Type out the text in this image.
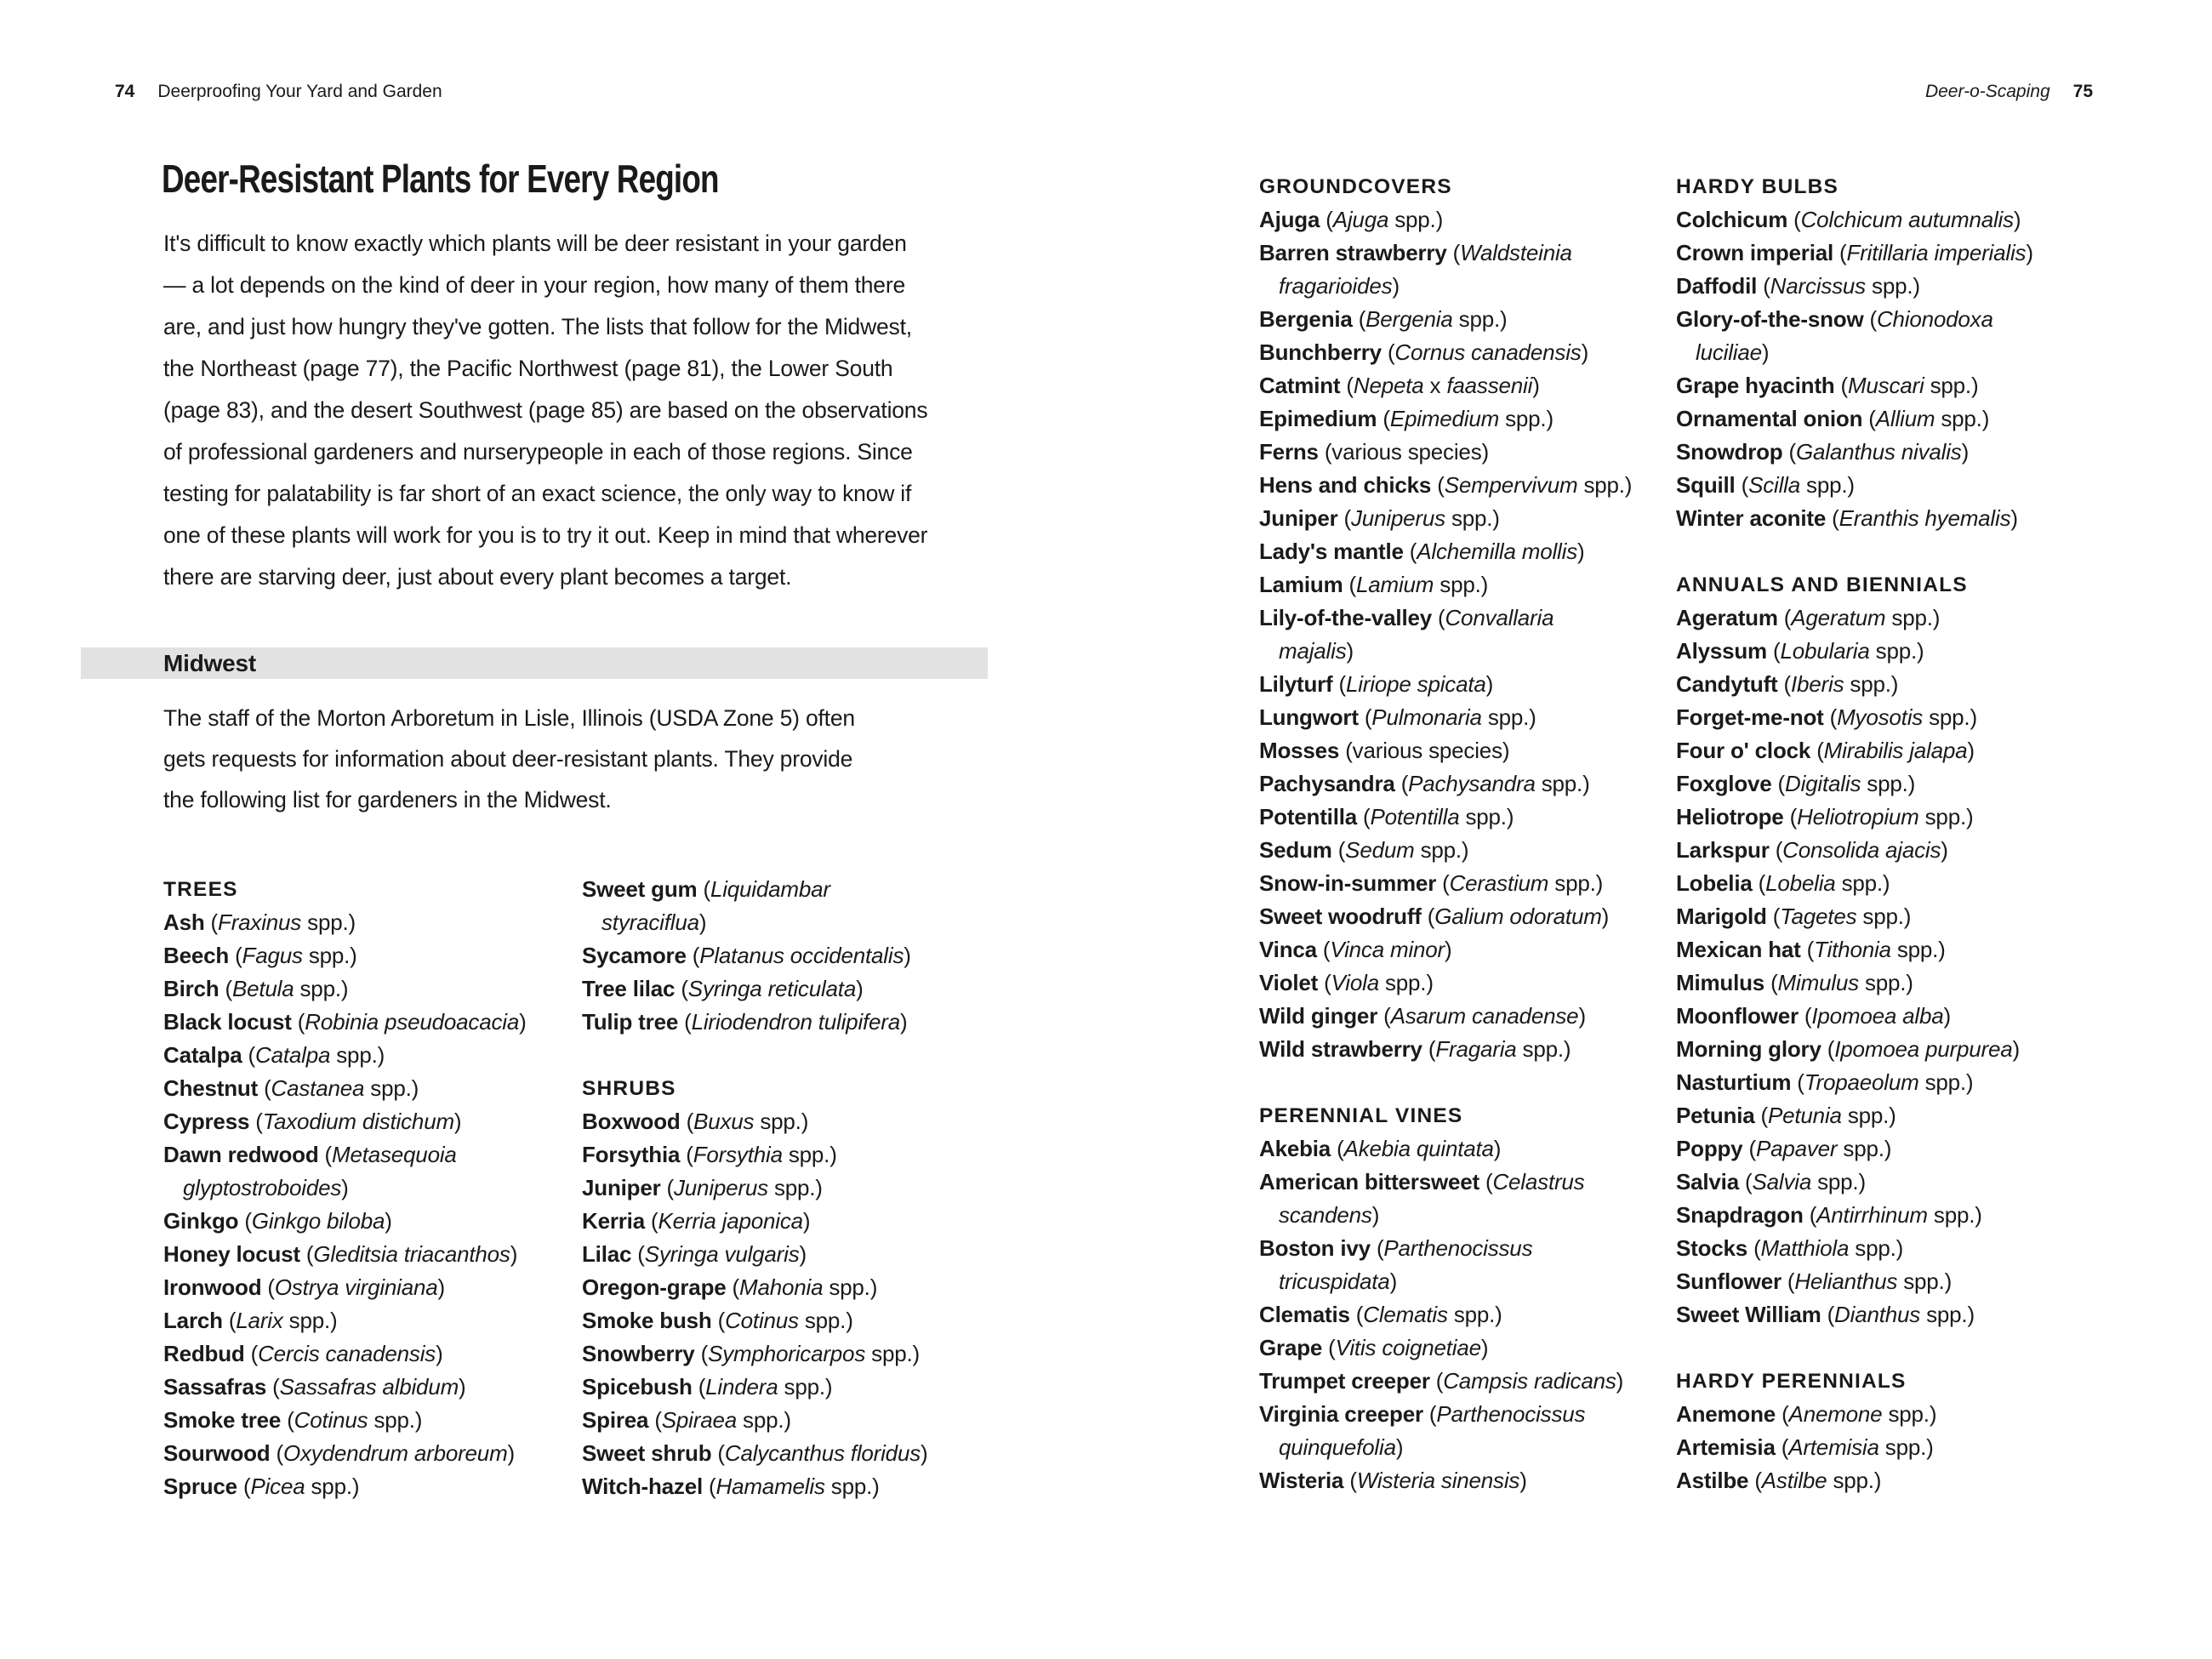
74 Deerproofing Your Yard and Garden	Deer-o-Scaping 75
Deer-Resistant Plants for Every Region
It's difficult to know exactly which plants will be deer resistant in your garden
— a lot depends on the kind of deer in your region, how many of them there
are, and just how hungry they've gotten. The lists that follow for the Midwest,
the Northeast (page 77), the Pacific Northwest (page 81), the Lower South
(page 83), and the desert Southwest (page 85) are based on the observations
of professional gardeners and nurserypeople in each of those regions. Since
testing for palatability is far short of an exact science, the only way to know if
one of these plants will work for you is to try it out. Keep in mind that wherever
there are starving deer, just about every plant becomes a target.
Midwest
The staff of the Morton Arboretum in Lisle, Illinois (USDA Zone 5) often
gets requests for information about deer-resistant plants. They provide
the following list for gardeners in the Midwest.
TREES
Ash (Fraxinus spp.)
Beech (Fagus spp.)
Birch (Betula spp.)
Black locust (Robinia pseudoacacia)
Catalpa (Catalpa spp.)
Chestnut (Castanea spp.)
Cypress (Taxodium distichum)
Dawn redwood (Metasequoia
glyptostroboides)
Ginkgo (Ginkgo biloba)
Honey locust (Gleditsia triacanthos)
Ironwood (Ostrya virginiana)
Larch (Larix spp.)
Redbud (Cercis canadensis)
Sassafras (Sassafras albidum)
Smoke tree (Cotinus spp.)
Sourwood (Oxydendrum arboreum)
Spruce (Picea spp.)
Sweet gum (Liquidambar
styraciflua)
Sycamore (Platanus occidentalis)
Tree lilac (Syringa reticulata)
Tulip tree (Liriodendron tulipifera)
SHRUBS
Boxwood (Buxus spp.)
Forsythia (Forsythia spp.)
Juniper (Juniperus spp.)
Kerria (Kerria japonica)
Lilac (Syringa vulgaris)
Oregon-grape (Mahonia spp.)
Smoke bush (Cotinus spp.)
Snowberry (Symphoricarpos spp.)
Spicebush (Lindera spp.)
Spirea (Spiraea spp.)
Sweet shrub (Calycanthus floridus)
Witch-hazel (Hamamelis spp.)
GROUNDCOVERS
Ajuga (Ajuga spp.)
Barren strawberry (Waldsteinia
fragarioides)
Bergenia (Bergenia spp.)
Bunchberry (Cornus canadensis)
Catmint (Nepeta x faassenii)
Epimedium (Epimedium spp.)
Ferns (various species)
Hens and chicks (Sempervivum spp.)
Juniper (Juniperus spp.)
Lady's mantle (Alchemilla mollis)
Lamium (Lamium spp.)
Lily-of-the-valley (Convallaria
majalis)
Lilyturf (Liriope spicata)
Lungwort (Pulmonaria spp.)
Mosses (various species)
Pachysandra (Pachysandra spp.)
Potentilla (Potentilla spp.)
Sedum (Sedum spp.)
Snow-in-summer (Cerastium spp.)
Sweet woodruff (Galium odoratum)
Vinca (Vinca minor)
Violet (Viola spp.)
Wild ginger (Asarum canadense)
Wild strawberry (Fragaria spp.)
PERENNIAL VINES
Akebia (Akebia quintata)
American bittersweet (Celastrus
scandens)
Boston ivy (Parthenocissus
tricuspidata)
Clematis (Clematis spp.)
Grape (Vitis coignetiae)
Trumpet creeper (Campsis radicans)
Virginia creeper (Parthenocissus
quinquefolia)
Wisteria (Wisteria sinensis)
HARDY BULBS
Colchicum (Colchicum autumnalis)
Crown imperial (Fritillaria imperialis)
Daffodil (Narcissus spp.)
Glory-of-the-snow (Chionodoxa
luciliae)
Grape hyacinth (Muscari spp.)
Ornamental onion (Allium spp.)
Snowdrop (Galanthus nivalis)
Squill (Scilla spp.)
Winter aconite (Eranthis hyemalis)
ANNUALS AND BIENNIALS
Ageratum (Ageratum spp.)
Alyssum (Lobularia spp.)
Candytuft (Iberis spp.)
Forget-me-not (Myosotis spp.)
Four o' clock (Mirabilis jalapa)
Foxglove (Digitalis spp.)
Heliotrope (Heliotropium spp.)
Larkspur (Consolida ajacis)
Lobelia (Lobelia spp.)
Marigold (Tagetes spp.)
Mexican hat (Tithonia spp.)
Mimulus (Mimulus spp.)
Moonflower (Ipomoea alba)
Morning glory (Ipomoea purpurea)
Nasturtium (Tropaeolum spp.)
Petunia (Petunia spp.)
Poppy (Papaver spp.)
Salvia (Salvia spp.)
Snapdragon (Antirrhinum spp.)
Stocks (Matthiola spp.)
Sunflower (Helianthus spp.)
Sweet William (Dianthus spp.)
HARDY PERENNIALS
Anemone (Anemone spp.)
Artemisia (Artemisia spp.)
Astilbe (Astilbe spp.)
